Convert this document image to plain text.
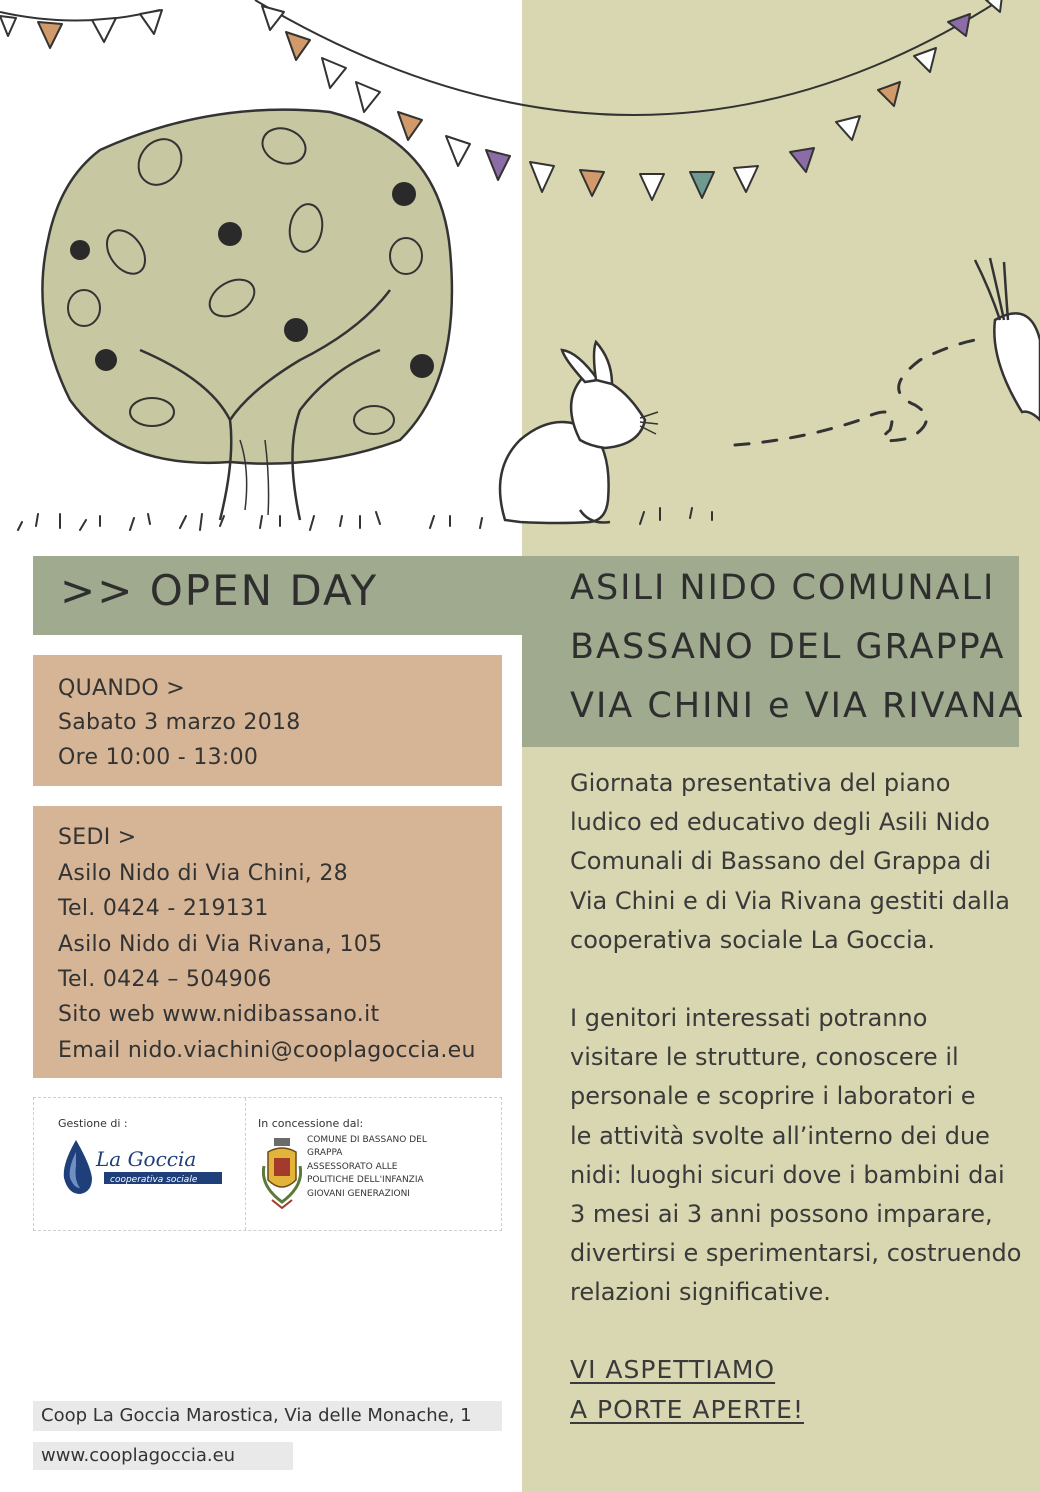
>> OPEN DAY	ASILI NIDO COMUNALI
BASSANO DEL GRAPPA
VIA CHINI e VIA RIVANA
QUANDO >
Sabato 3 marzo 2018
Ore 10:00 - 13:00
SEDI >
Asilo Nido di Via Chini, 28
Tel. 0424 - 219131
Asilo Nido di Via Rivana, 105
Tel. 0424 – 504906
Sito web www.nidibassano.it
Email nido.viachini@cooplagoccia.eu
Gestione di :
La Goccia
cooperativa sociale
In concessione dal:
COMUNE DI BASSANO DEL
GRAPPA
ASSESSORATO ALLE
POLITICHE DELL'INFANZIA
GIOVANI GENERAZIONI
Giornata presentativa del piano
ludico ed educativo degli Asili Nido
Comunali di Bassano del Grappa di
Via Chini e di Via Rivana gestiti dalla
cooperativa sociale La Goccia.
I genitori interessati potranno
visitare le strutture, conoscere il
personale e scoprire i laboratori e
le attività svolte all’interno dei due
nidi: luoghi sicuri dove i bambini dai
3 mesi ai 3 anni possono imparare,
divertirsi e sperimentarsi, costruendo
relazioni significative.
VI ASPETTIAMO
A PORTE APERTE!
Coop La Goccia Marostica, Via delle Monache, 1
www.cooplagoccia.eu
